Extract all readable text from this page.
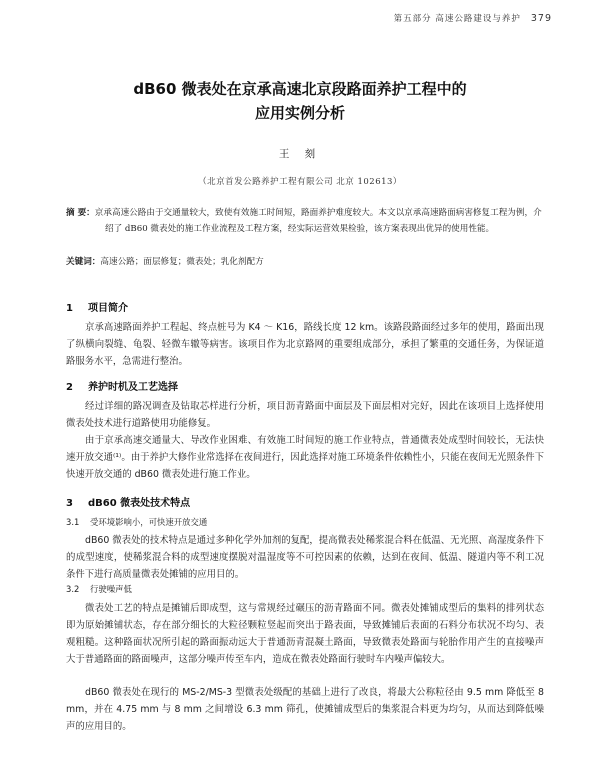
第五部分 高速公路建设与养护 379
dB60 微表处在京承高速北京段路面养护工程中的
应用实例分析
王 刻
（北京首发公路养护工程有限公司 北京 102613）
摘 要：京承高速公路由于交通量较大，致使有效施工时间短，路面养护难度较大。本文以京承高速路面病害修复工程为例，介绍了 dB60 微表处的施工作业流程及工程方案，经实际运营效果检验，该方案表现出优异的使用性能。
关键词：高速公路；面层修复；微表处；乳化剂配方
1 项目简介

京承高速路面养护工程起、终点桩号为 K4 ～ K16，路线长度 12 km。该路段路面经过多年的使用，路面出现了纵横向裂缝、龟裂、轻微车辙等病害。该项目作为北京路网的重要组成部分，承担了繁重的交通任务，为保证道路服务水平，急需进行整治。

2 养护时机及工艺选择

经过详细的路况调查及钻取芯样进行分析，项目沥青路面中面层及下面层相对完好，因此在该项目上选择使用微表处技术进行道路使用功能修复。

由于京承高速交通量大、导改作业困难、有效施工时间短的施工作业特点，普通微表处成型时间较长，无法快速开放交通⁽¹⁾。由于养护大修作业常选择在夜间进行，因此选择对施工环境条件依赖性小，只能在夜间无光照条件下快速开放交通的 dB60 微表处进行施工作业。

3 dB60 微表处技术特点
3.1 受环境影响小，可快速开放交通

dB60 微表处的技术特点是通过多种化学外加剂的复配，提高微表处稀浆混合料在低温、无光照、高湿度条件下的成型速度，使稀浆混合料的成型速度摆脱对温湿度等不可控因素的依赖，达到在夜间、低温、隧道内等不利工况条件下进行高质量微表处摊铺的应用目的。

3.2 行驶噪声低

微表处工艺的特点是摊铺后即成型，这与常规经过碾压的沥青路面不同。微表处摊铺成型后的集料的排列状态即为原始摊铺状态，存在部分细长的大粒径颗粒竖起而突出于路表面，导致摊铺后表面的石料分布状况不均匀、表观粗糙。这种路面状况所引起的路面振动远大于普通沥青混凝土路面，导致微表处路面与轮胎作用产生的直接噪声大于普通路面的路面噪声，这部分噪声传至车内，造成在微表处路面行驶时车内噪声偏较大。

dB60 微表处在现行的 MS-2/MS-3 型微表处级配的基础上进行了改良，将最大公称粒径由 9.5 mm 降低至 8 mm，并在 4.75 mm 与 8 mm 之间增设 6.3 mm 筛孔，使摊铺成型后的集浆混合料更为均匀，从而达到降低噪声的应用目的。
